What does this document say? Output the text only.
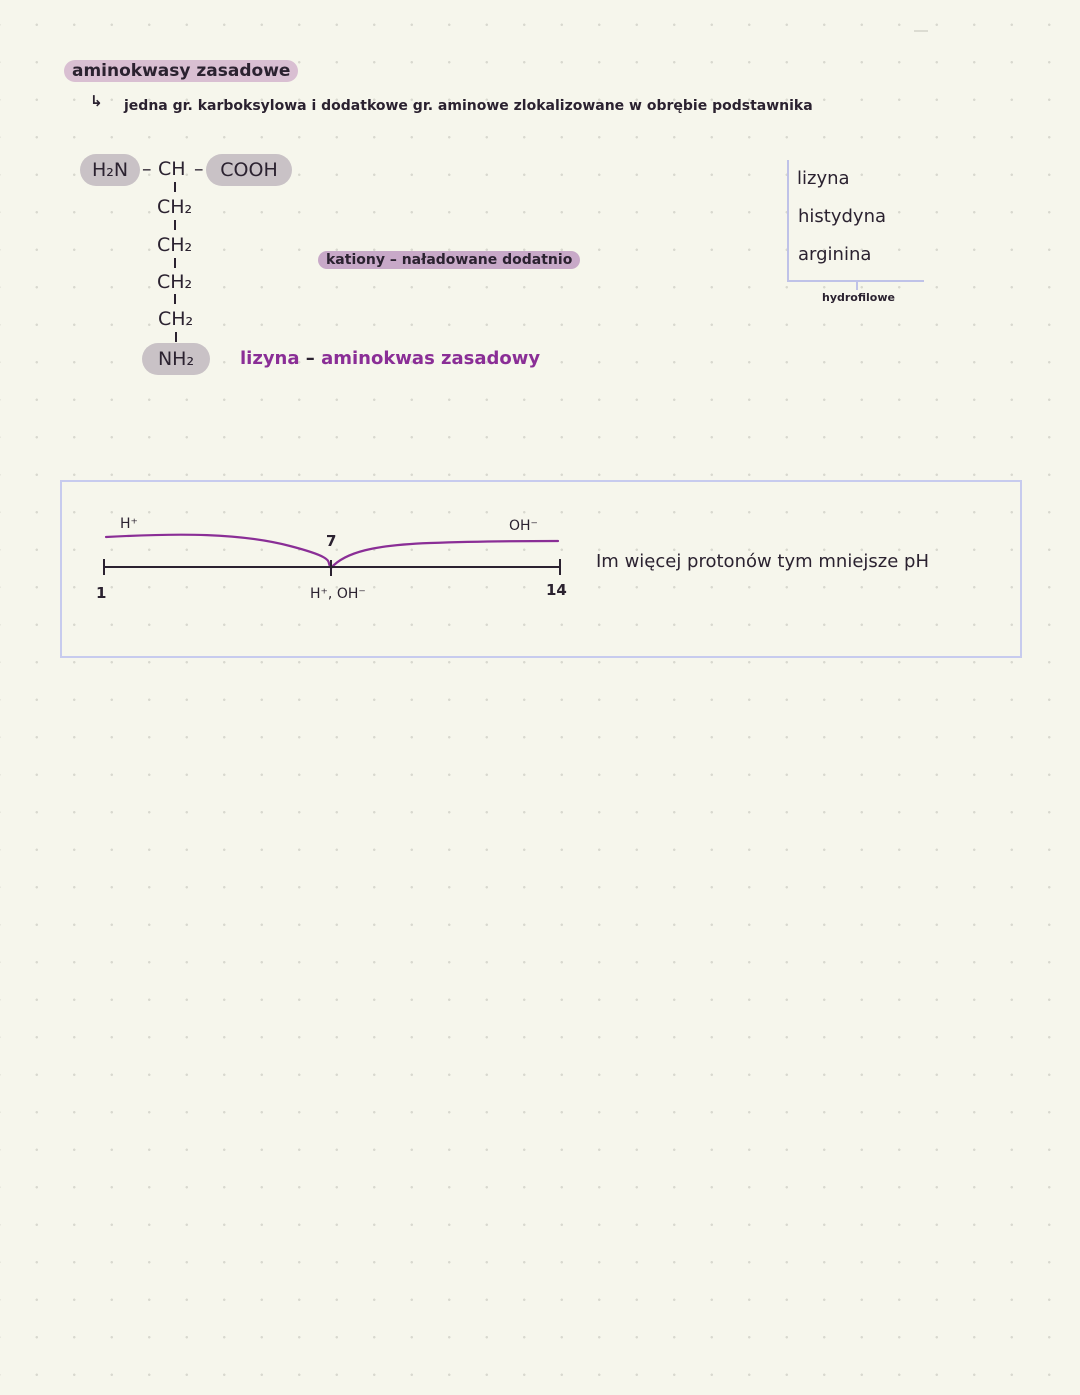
aminokwasy zasadowe
↳ jedna gr. karboksylowa i dodatkowe gr. aminowe zlokalizowane w obrębie podstawnika
H₂N – CH – COOH
CH₂
CH₂
CH₂
CH₂
NH₂
kationy – naładowane dodatnio
lizyna – aminokwas zasadowy
lizyna
histydyna
arginina
hydrofilowe
H⁺	OH⁻
7
H⁺, OH⁻
1	14
Im więcej protonów tym mniejsze pH
